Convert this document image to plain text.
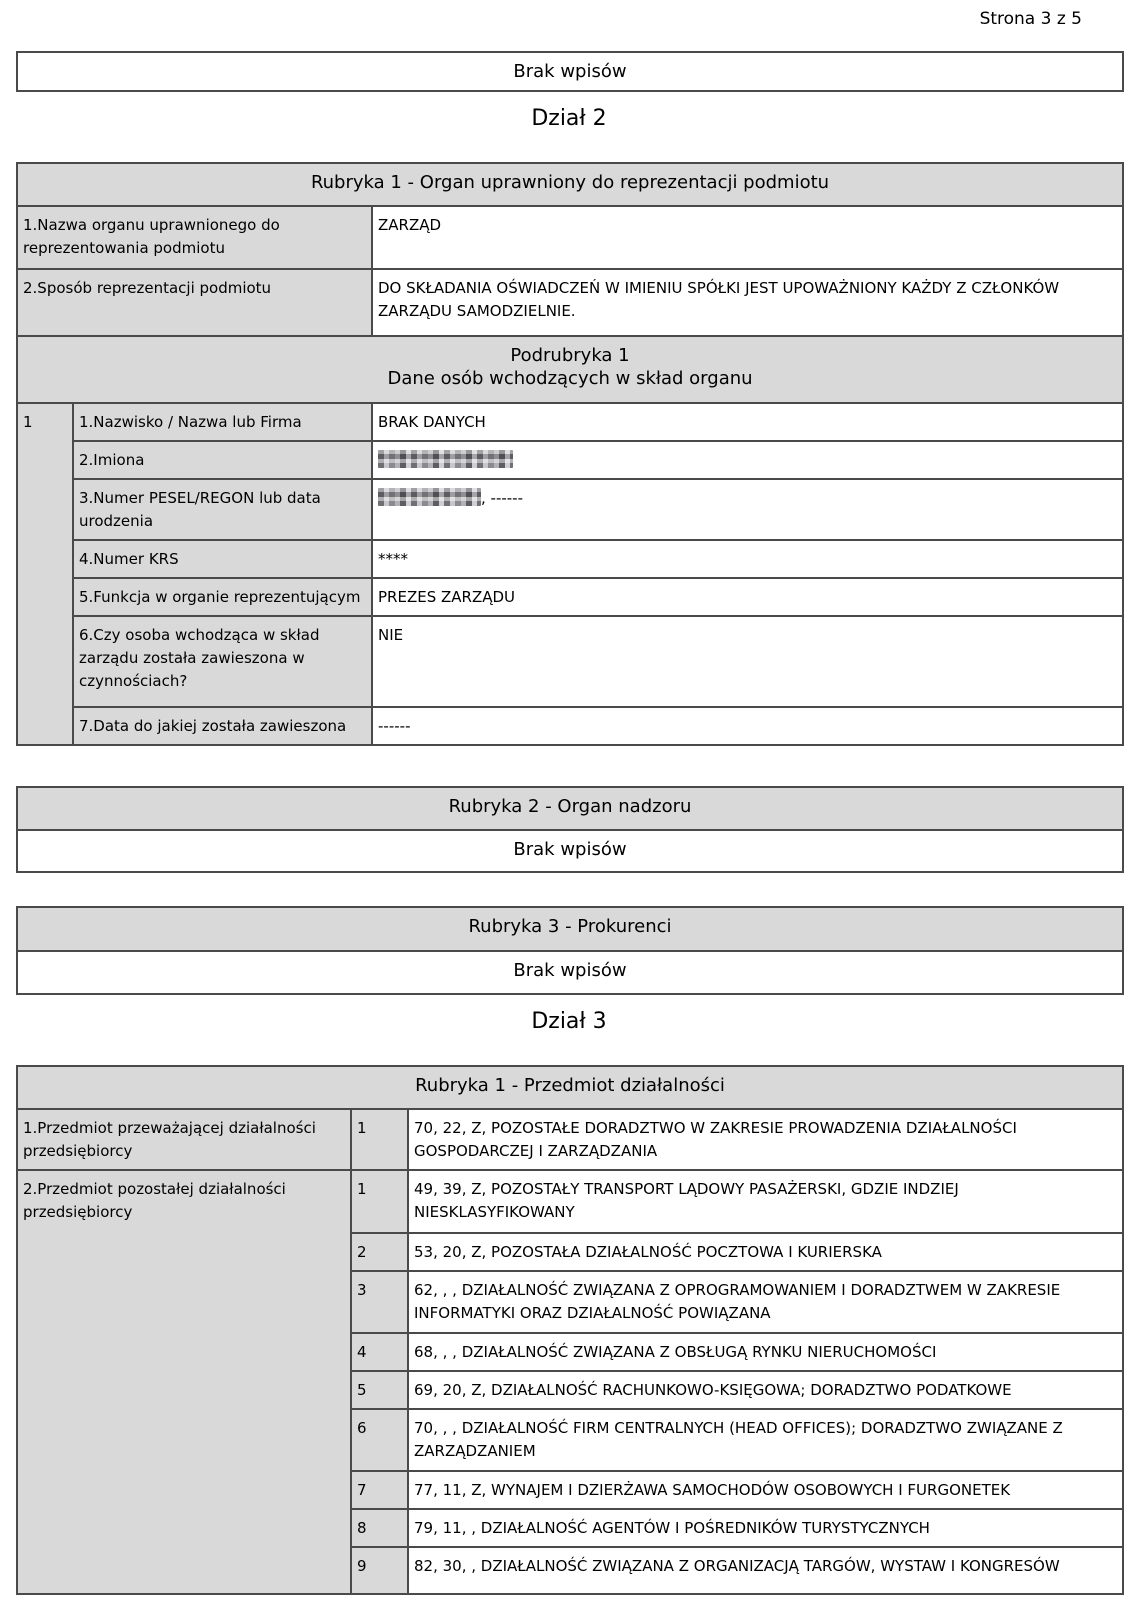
Strona 3 z 5
Brak wpisów
Dział 2
Rubryka 1 - Organ uprawniony do reprezentacji podmiotu		
1.Nazwa organu uprawnionego do reprezentowania podmiotu		ZARZĄD
2.Sposób reprezentacji podmiotu		DO SKŁADANIA OŚWIADCZEŃ W IMIENIU SPÓŁKI JEST UPOWAŻNIONY KAŻDY Z CZŁONKÓW ZARZĄDU SAMODZIELNIE.

Podrubryka 1
Dane osób wchodzących w skład organu		

1	1.Nazwisko / Nazwa lub Firma	BRAK DANYCH
	2.Imiona	
	3.Numer PESEL/REGON lub data urodzenia	, ------
	4.Numer KRS	****
	5.Funkcja w organie reprezentującym	PREZES ZARZĄDU
	6.Czy osoba wchodząca w skład zarządu została zawieszona w czynnościach?	NIE
	7.Data do jakiej została zawieszona	------
Rubryka 2 - Organ nadzoru
Brak wpisów
Rubryka 3 - Prokurenci
Brak wpisów
Dział 3
Rubryka 1 - Przedmiot działalności		
1.Przedmiot przeważającej działalności przedsiębiorcy	1	70, 22, Z, POZOSTAŁE DORADZTWO W ZAKRESIE PROWADZENIA DZIAŁALNOŚCI GOSPODARCZEJ I ZARZĄDZANIA
2.Przedmiot pozostałej działalności przedsiębiorcy	1	49, 39, Z, POZOSTAŁY TRANSPORT LĄDOWY PASAŻERSKI, GDZIE INDZIEJ NIESKLASYFIKOWANY
	2	53, 20, Z, POZOSTAŁA DZIAŁALNOŚĆ POCZTOWA I KURIERSKA
	3	62, , , DZIAŁALNOŚĆ ZWIĄZANA Z OPROGRAMOWANIEM I DORADZTWEM W ZAKRESIE INFORMATYKI ORAZ DZIAŁALNOŚĆ POWIĄZANA
	4	68, , , DZIAŁALNOŚĆ ZWIĄZANA Z OBSŁUGĄ RYNKU NIERUCHOMOŚCI
	5	69, 20, Z, DZIAŁALNOŚĆ RACHUNKOWO-KSIĘGOWA; DORADZTWO PODATKOWE
	6	70, , , DZIAŁALNOŚĆ FIRM CENTRALNYCH (HEAD OFFICES); DORADZTWO ZWIĄZANE Z ZARZĄDZANIEM
	7	77, 11, Z, WYNAJEM I DZIERŻAWA SAMOCHODÓW OSOBOWYCH I FURGONETEK
	8	79, 11, , DZIAŁALNOŚĆ AGENTÓW I POŚREDNIKÓW TURYSTYCZNYCH
	9	82, 30, , DZIAŁALNOŚĆ ZWIĄZANA Z ORGANIZACJĄ TARGÓW, WYSTAW I KONGRESÓW
